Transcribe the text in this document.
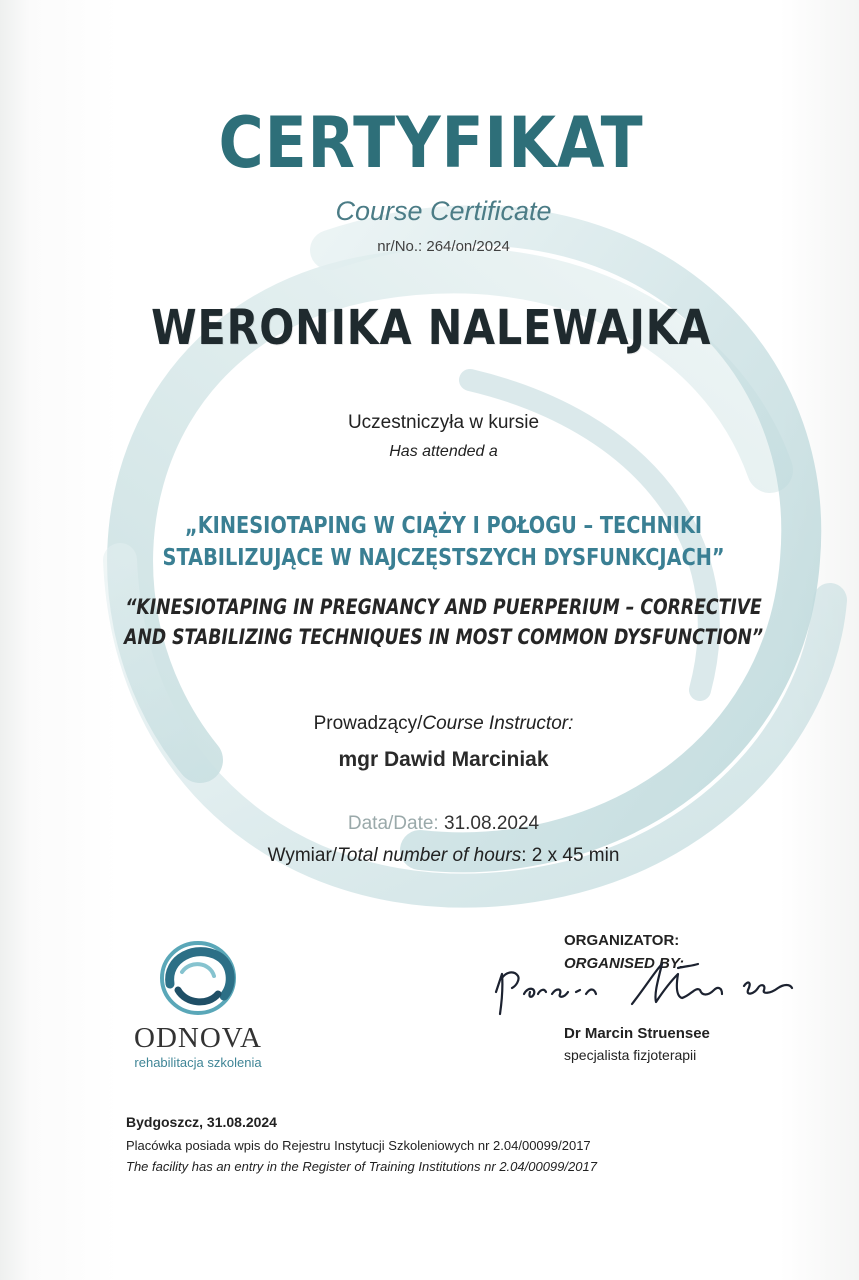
CERTYFIKAT
Course Certificate
nr/No.: 264/on/2024
WERONIKA NALEWAJKA
Uczestniczyła w kursie
Has attended a
„KINESIOTAPING W CIĄŻY I POŁOGU – TECHNIKI
STABILIZUJĄCE W NAJCZĘSTSZYCH DYSFUNKCJACH”
“KINESIOTAPING IN PREGNANCY AND PUERPERIUM – CORRECTIVE
AND STABILIZING TECHNIQUES IN MOST COMMON DYSFUNCTION”
Prowadzący/Course Instructor:
mgr Dawid Marciniak
Data/Date: 31.08.2024
Wymiar/Total number of hours: 2 x 45 min
ODNOVA
rehabilitacja szkolenia
ORGANIZATOR:
ORGANISED BY:
Dr Marcin Struensee
specjalista fizjoterapii
Bydgoszcz, 31.08.2024
Placówka posiada wpis do Rejestru Instytucji Szkoleniowych nr 2.04/00099/2017
The facility has an entry in the Register of Training Institutions nr 2.04/00099/2017
